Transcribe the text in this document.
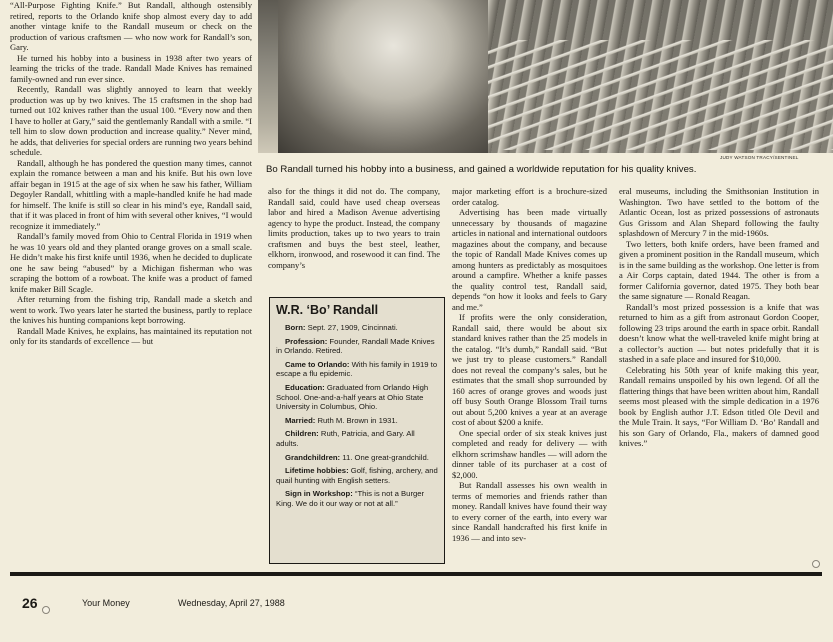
JUDY WATSON TRACY/SENTINEL
Bo Randall turned his hobby into a business, and gained a worldwide reputation for his quality knives.

“All-Purpose Fighting Knife.” But Randall, although ostensibly retired, reports to the Orlando knife shop almost every day to add another vintage knife to the Randall museum or check on the production of various craftsmen — who now work for Randall’s son, Gary.

He turned his hobby into a business in 1938 after two years of learning the tricks of the trade. Randall Made Knives has remained family-owned and run ever since.

Recently, Randall was slightly annoyed to learn that weekly production was up by two knives. The 15 craftsmen in the shop had turned out 102 knives rather than the usual 100. “Every now and then I have to holler at Gary,” said the gentlemanly Randall with a smile. “I tell him to slow down production and increase quality.” Never mind, he adds, that deliveries for special orders are running two years behind schedule.

Randall, although he has pondered the question many times, cannot explain the romance between a man and his knife. But his own love affair began in 1915 at the age of six when he saw his father, William Degoyler Randall, whittling with a maple-handled knife he had made for himself. The knife is still so clear in his mind’s eye, Randall said, that if it was placed in front of him with several other knives, “I would recognize it immediately.”

Randall’s family moved from Ohio to Central Florida in 1919 when he was 10 years old and they planted orange groves on a small scale. He didn’t make his first knife until 1936, when he decided to duplicate one he saw being “abused” by a Michigan fisherman who was scraping the bottom of a rowboat. The knife was a product of famed knife maker Bill Scagle.

After returning from the fishing trip, Randall made a sketch and went to work. Two years later he started the business, partly to replace the knives his hunting companions kept borrowing.

Randall Made Knives, he explains, has maintained its reputation not only for its standards of excellence — but

also for the things it did not do. The company, Randall said, could have used cheap overseas labor and hired a Madison Avenue advertising agency to hype the product. Instead, the company limits production, takes up to two years to train craftsmen and buys the best steel, leather, elkhorn, ironwood, and rosewood it can find. The company’s

W.R. ‘Bo’ Randall
Born: Sept. 27, 1909, Cincinnati.
Profession: Founder, Randall Made Knives in Orlando. Retired.
Came to Orlando: With his family in 1919 to escape a flu epidemic.
Education: Graduated from Orlando High School. One-and-a-half years at Ohio State University in Columbus, Ohio.
Married: Ruth M. Brown in 1931.
Children: Ruth, Patricia, and Gary. All adults.
Grandchildren: 11. One great-grandchild.
Lifetime hobbies: Golf, fishing, archery, and quail hunting with English setters.
Sign in Workshop: “This is not a Burger King. We do it our way or not at all.”

major marketing effort is a brochure-sized order catalog.

Advertising has been made virtually unnecessary by thousands of magazine articles in national and international outdoors magazines about the company, and because the topic of Randall Made Knives comes up among hunters as predictably as mosquitoes around a campfire. Whether a knife passes the quality control test, Randall said, depends “on how it looks and feels to Gary and me.”

If profits were the only consideration, Randall said, there would be about six standard knives rather than the 25 models in the catalog. “It’s dumb,” Randall said. “But we just try to please customers.” Randall does not reveal the company’s sales, but he estimates that the small shop surrounded by 160 acres of orange groves and woods just off busy South Orange Blossom Trail turns out about 5,200 knives a year at an average cost of about $200 a knife.

One special order of six steak knives just completed and ready for delivery — with elkhorn scrimshaw handles — will adorn the dinner table of its purchaser at a cost of $2,000.

But Randall assesses his own wealth in terms of memories and friends rather than money. Randall knives have found their way to every corner of the earth, into every war since Randall handcrafted his first knife in 1936 — and into sev-

eral museums, including the Smithsonian Institution in Washington. Two have settled to the bottom of the Atlantic Ocean, lost as prized possessions of astronauts Gus Grissom and Alan Shepard following the faulty splashdown of Mercury 7 in the mid-1960s.

Two letters, both knife orders, have been framed and given a prominent position in the Randall museum, which is in the same building as the workshop. One letter is from a Air Corps captain, dated 1944. The other is from a former California governor, dated 1975. They both bear the same signature — Ronald Reagan.

Randall’s most prized possession is a knife that was returned to him as a gift from astronaut Gordon Cooper, following 23 trips around the earth in space orbit. Randall doesn’t know what the well-traveled knife might bring at a collector’s auction — but notes pridefully that it is stashed in a safe place and insured for $10,000.

Celebrating his 50th year of knife making this year, Randall remains unspoiled by his own legend. Of all the flattering things that have been written about him, Randall seems most pleased with the simple dedication in a 1976 book by English author J.T. Edson titled Ole Devil and the Mule Train. It says, “For William D. ‘Bo’ Randall and his son Gary of Orlando, Fla., makers of damned good knives.”

26	Your Money	Wednesday, April 27, 1988
